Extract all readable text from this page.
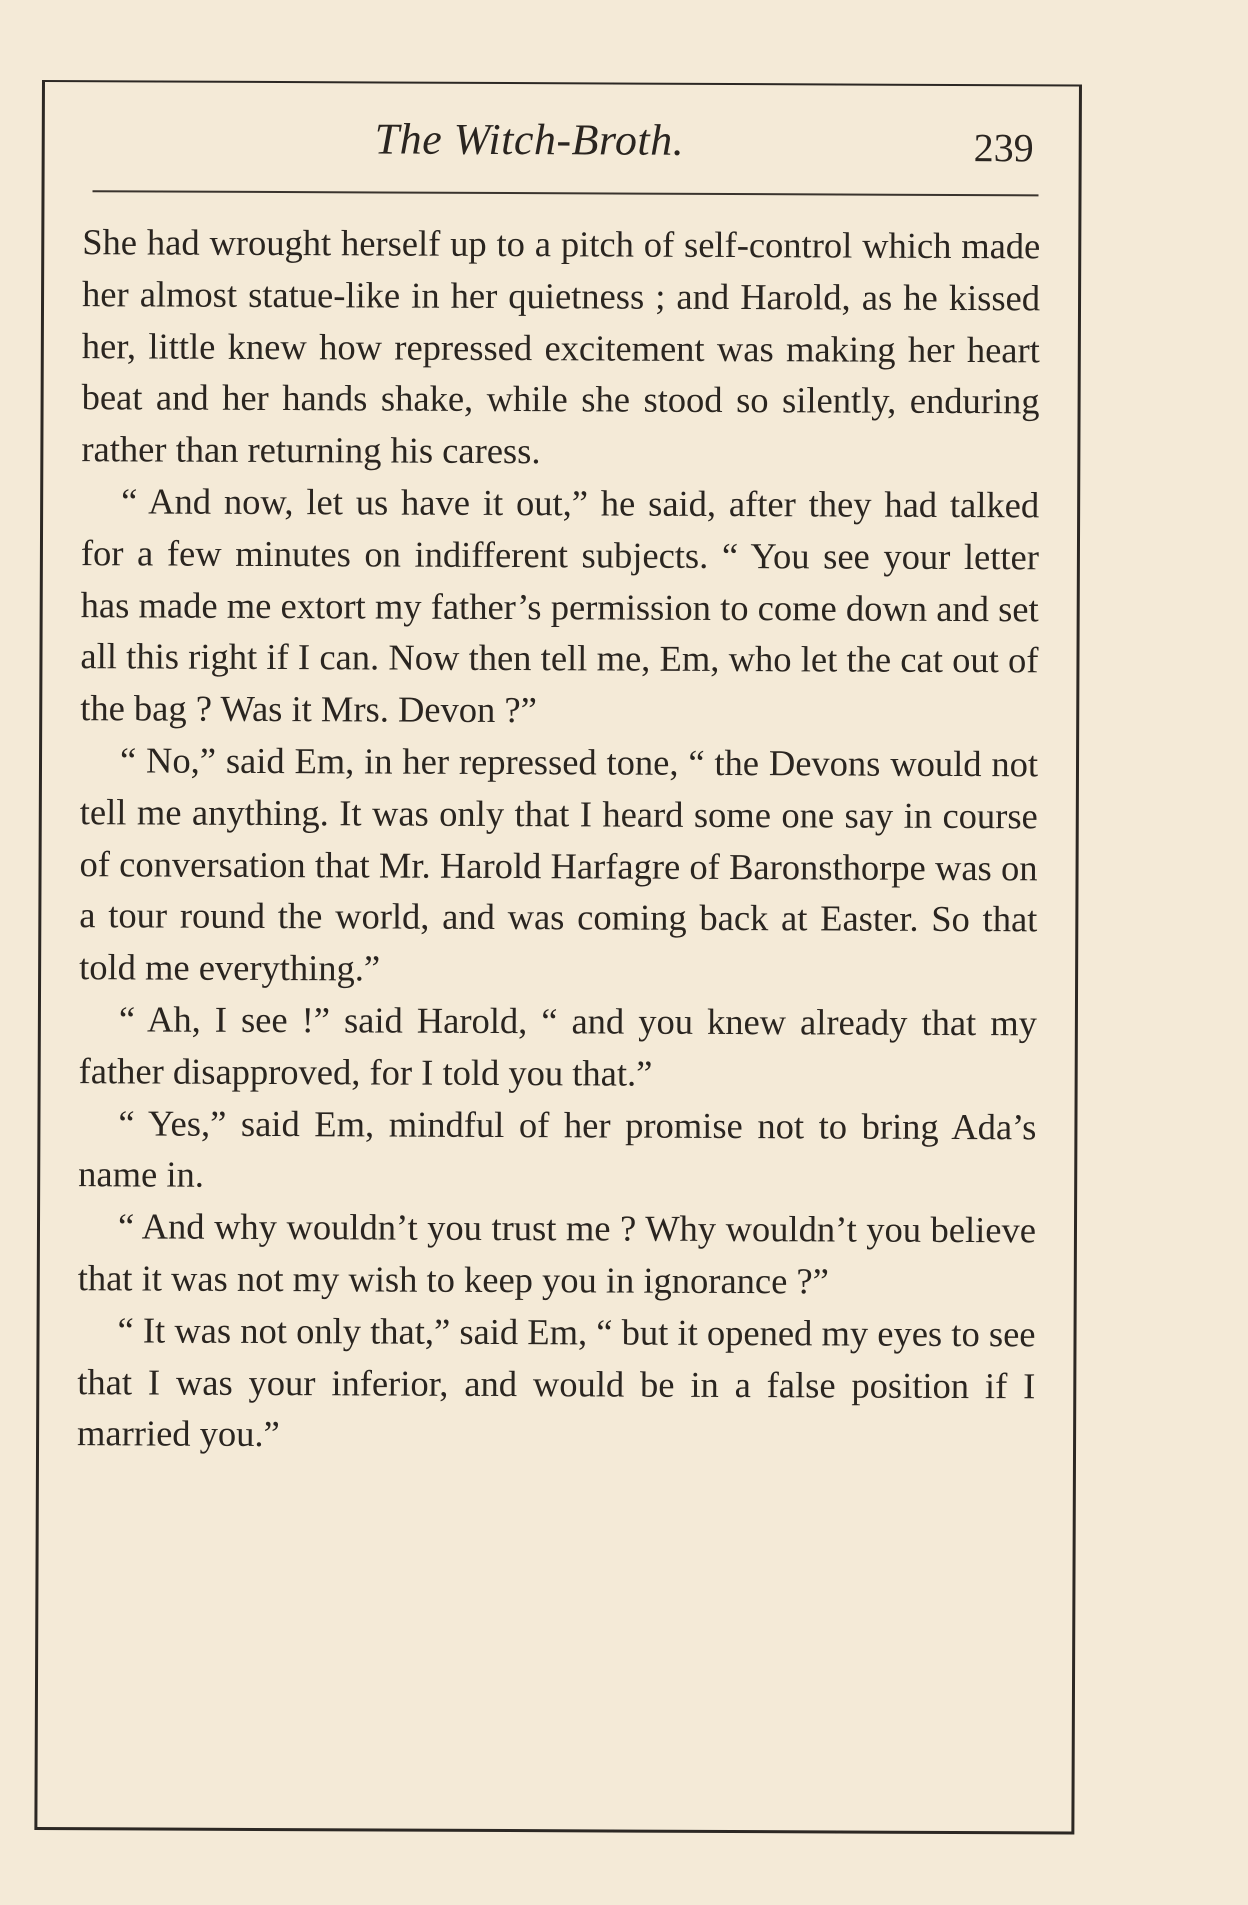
The Witch-Broth.	239

She had wrought herself up to a pitch of self-control which made her almost statue-like in her quietness ; and Harold, as he kissed her, little knew how repressed excitement was making her heart beat and her hands shake, while she stood so silently, enduring rather than returning his caress.

“ And now, let us have it out,” he said, after they had talked for a few minutes on indifferent subjects. “ You see your letter has made me extort my father’s permission to come down and set all this right if I can. Now then tell me, Em, who let the cat out of the bag ? Was it Mrs. Devon ?”

“ No,” said Em, in her repressed tone, “ the Devons would not tell me anything. It was only that I heard some one say in course of conversation that Mr. Harold Harfagre of Baronsthorpe was on a tour round the world, and was coming back at Easter. So that told me everything.”

“ Ah, I see !” said Harold, “ and you knew already that my father disapproved, for I told you that.”

“ Yes,” said Em, mindful of her promise not to bring Ada’s name in.

“ And why wouldn’t you trust me ? Why wouldn’t you believe that it was not my wish to keep you in ignorance ?”

“ It was not only that,” said Em, “ but it opened my eyes to see that I was your inferior, and would be in a false position if I married you.”
